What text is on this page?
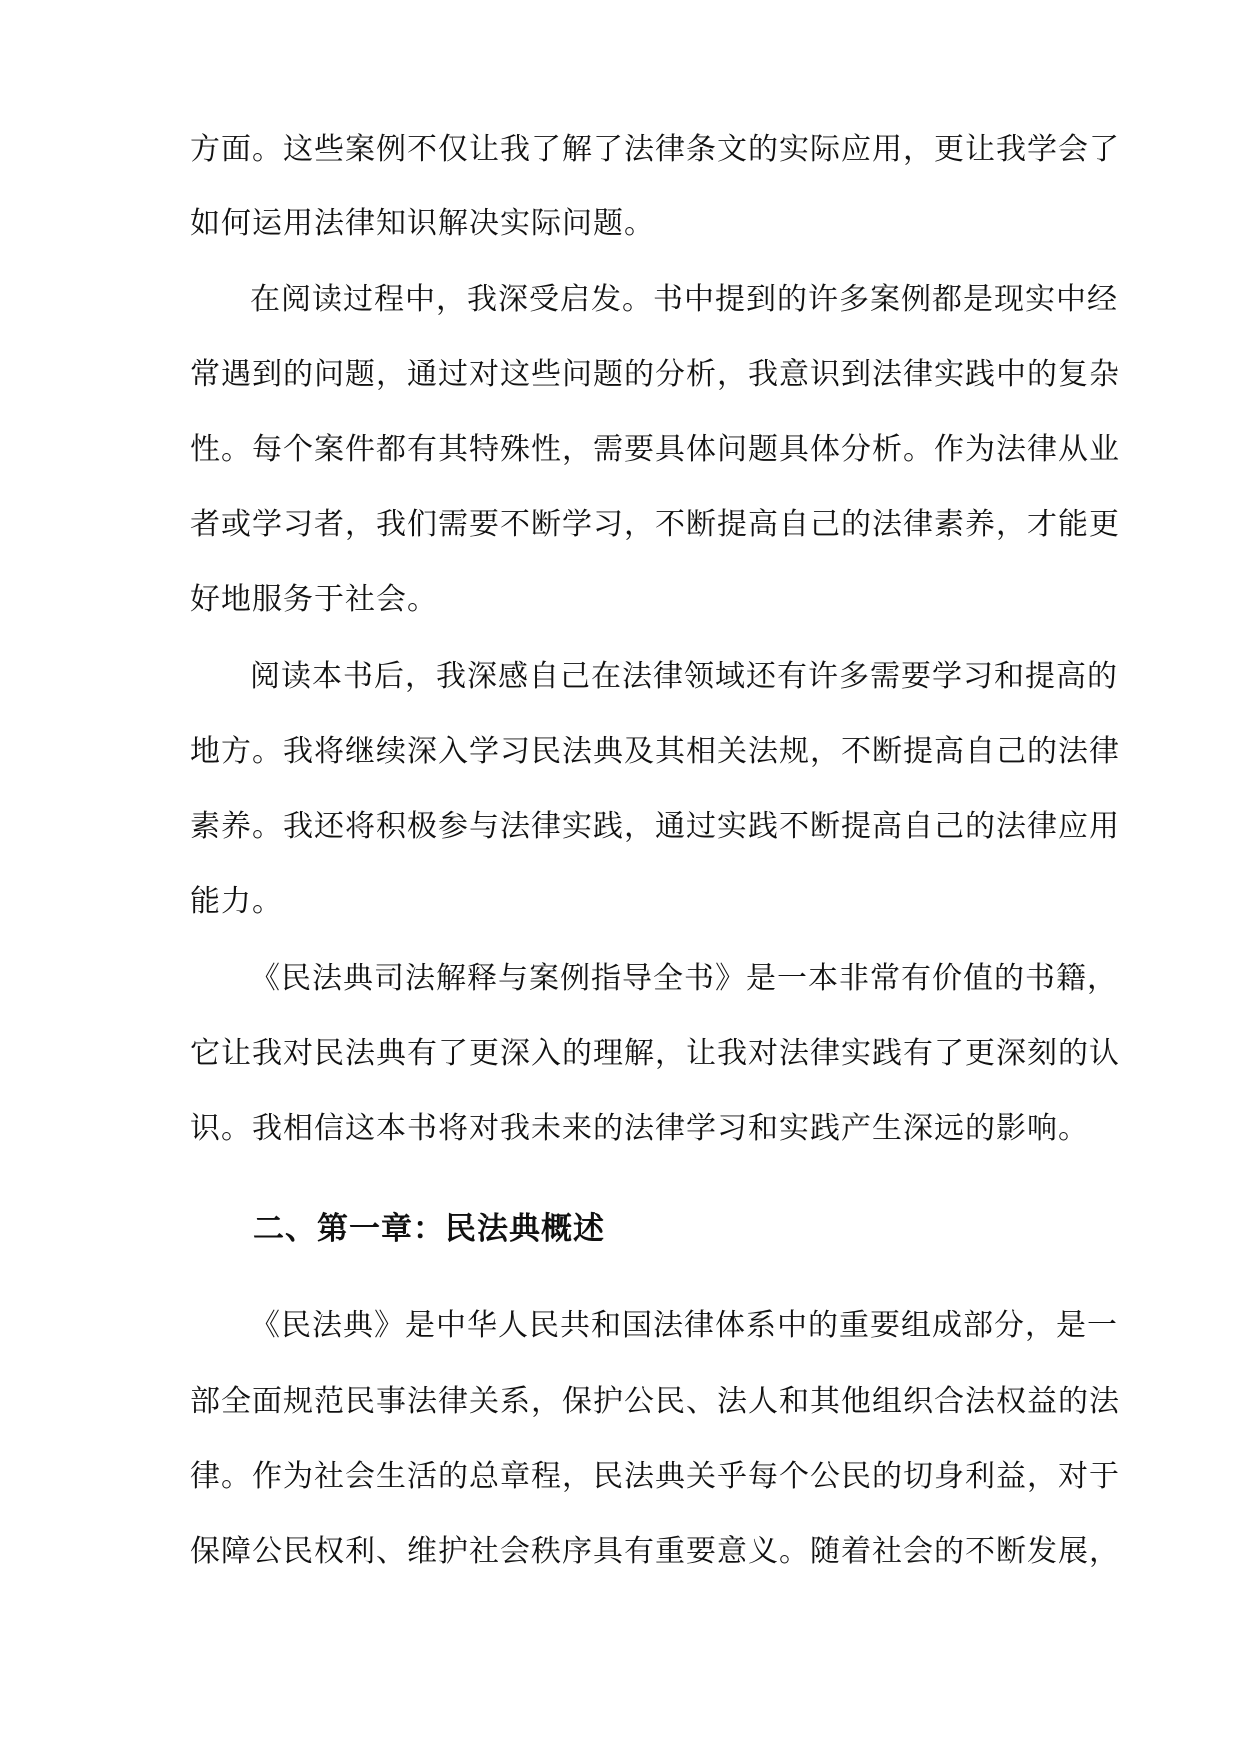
方面。这些案例不仅让我了解了法律条文的实际应用，更让我学会了
如何运用法律知识解决实际问题。
在阅读过程中，我深受启发。书中提到的许多案例都是现实中经
常遇到的问题，通过对这些问题的分析，我意识到法律实践中的复杂
性。每个案件都有其特殊性，需要具体问题具体分析。作为法律从业
者或学习者，我们需要不断学习，不断提高自己的法律素养，才能更
好地服务于社会。
阅读本书后，我深感自己在法律领域还有许多需要学习和提高的
地方。我将继续深入学习民法典及其相关法规，不断提高自己的法律
素养。我还将积极参与法律实践，通过实践不断提高自己的法律应用
能力。
《民法典司法解释与案例指导全书》是一本非常有价值的书籍，
它让我对民法典有了更深入的理解，让我对法律实践有了更深刻的认
识。我相信这本书将对我未来的法律学习和实践产生深远的影响。
二、第一章：民法典概述
《民法典》是中华人民共和国法律体系中的重要组成部分，是一
部全面规范民事法律关系，保护公民、法人和其他组织合法权益的法
律。作为社会生活的总章程，民法典关乎每个公民的切身利益，对于
保障公民权利、维护社会秩序具有重要意义。随着社会的不断发展，
